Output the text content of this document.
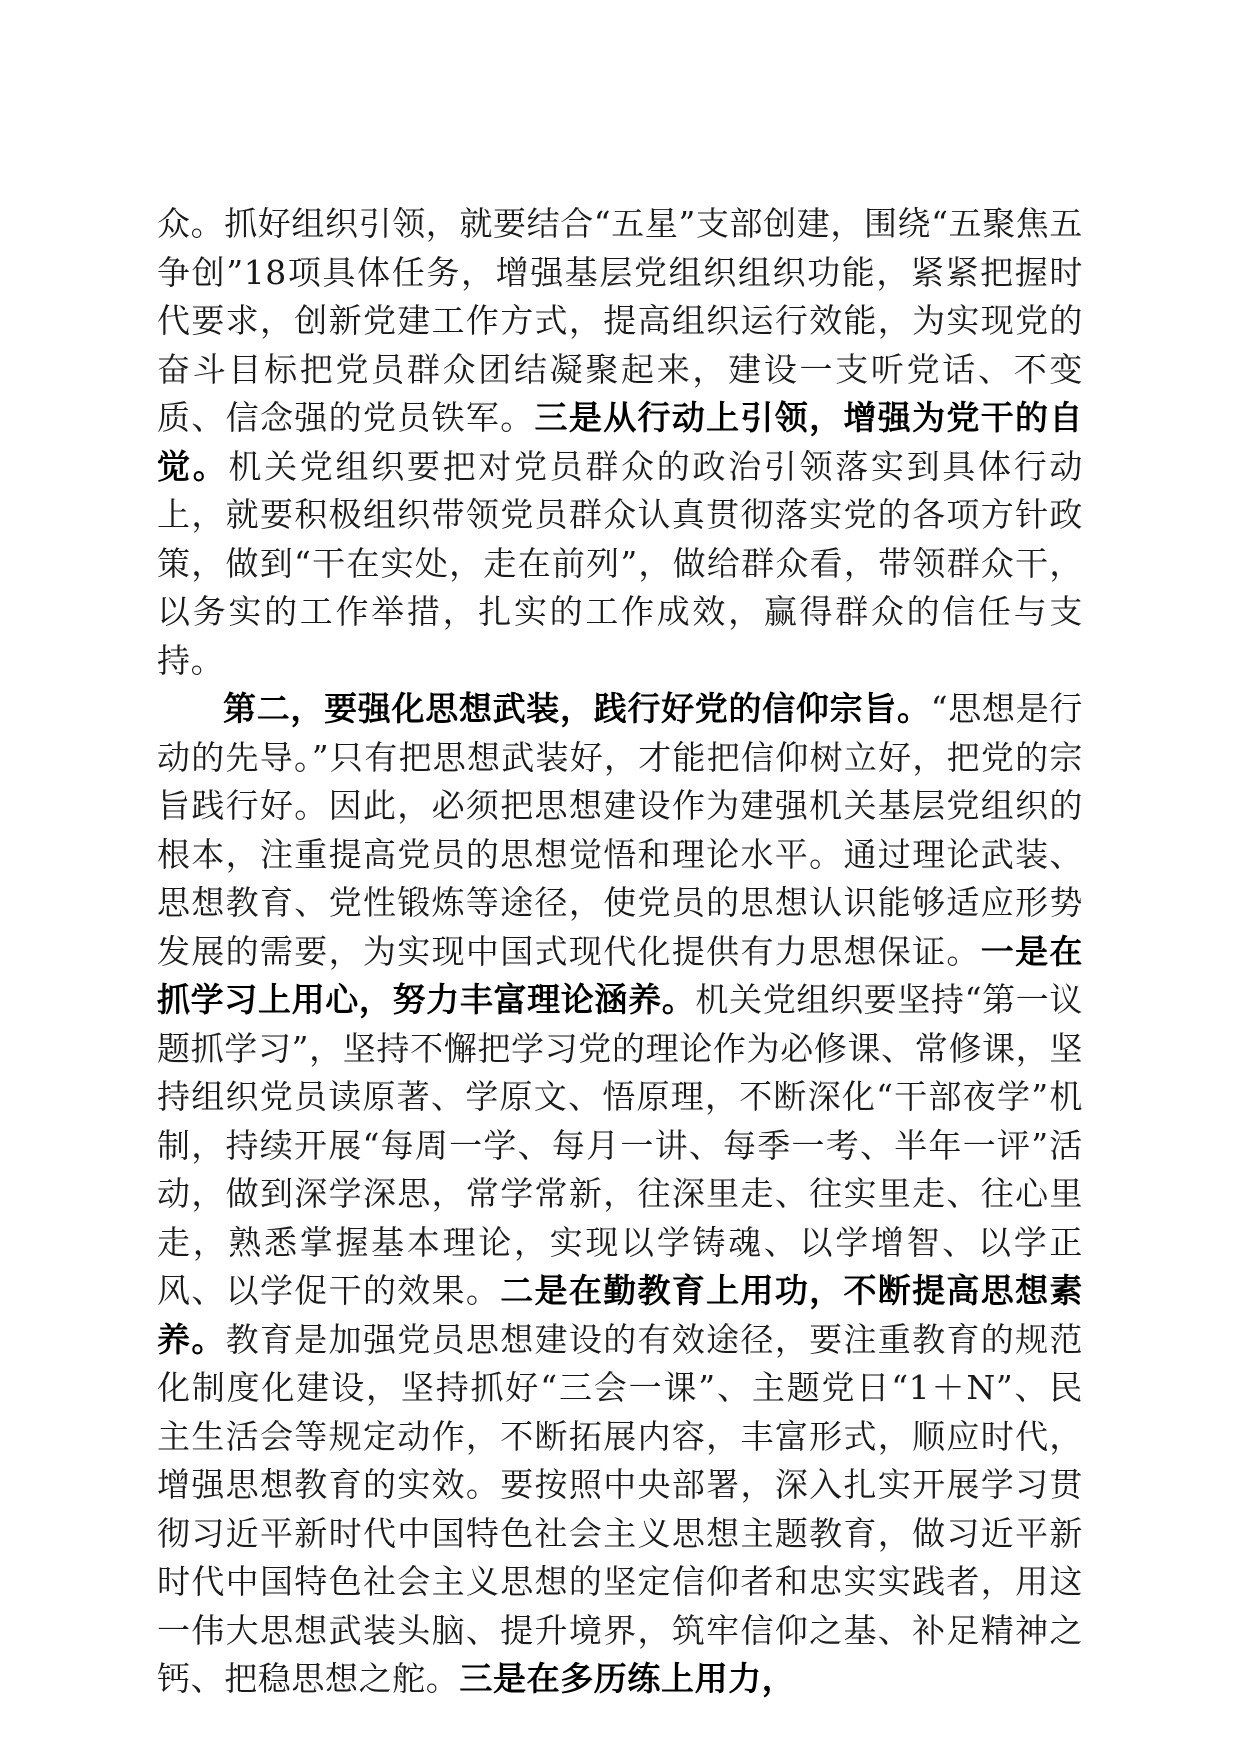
众。抓好组织引领，就要结合“五星”支部创建，围绕“五聚焦五争创”18项具体任务，增强基层党组织组织功能，紧紧把握时代要求，创新党建工作方式，提高组织运行效能，为实现党的奋斗目标把党员群众团结凝聚起来，建设一支听党话、不变质、信念强的党员铁军。三是从行动上引领，增强为党干的自觉。机关党组织要把对党员群众的政治引领落实到具体行动上，就要积极组织带领党员群众认真贯彻落实党的各项方针政策，做到“干在实处，走在前列”，做给群众看，带领群众干，以务实的工作举措，扎实的工作成效，赢得群众的信任与支持。

第二，要强化思想武装，践行好党的信仰宗旨。“思想是行动的先导。”只有把思想武装好，才能把信仰树立好，把党的宗旨践行好。因此，必须把思想建设作为建强机关基层党组织的根本，注重提高党员的思想觉悟和理论水平。通过理论武装、思想教育、党性锻炼等途径，使党员的思想认识能够适应形势发展的需要，为实现中国式现代化提供有力思想保证。一是在抓学习上用心，努力丰富理论涵养。机关党组织要坚持“第一议题抓学习”，坚持不懈把学习党的理论作为必修课、常修课，坚持组织党员读原著、学原文、悟原理，不断深化“干部夜学”机制，持续开展“每周一学、每月一讲、每季一考、半年一评”活动，做到深学深思，常学常新，往深里走、往实里走、往心里走，熟悉掌握基本理论，实现以学铸魂、以学增智、以学正风、以学促干的效果。二是在勤教育上用功，不断提高思想素养。教育是加强党员思想建设的有效途径，要注重教育的规范化制度化建设，坚持抓好“三会一课”、主题党日“1＋N”、民主生活会等规定动作，不断拓展内容，丰富形式，顺应时代，增强思想教育的实效。要按照中央部署，深入扎实开展学习贯彻习近平新时代中国特色社会主义思想主题教育，做习近平新时代中国特色社会主义思想的坚定信仰者和忠实实践者，用这一伟大思想武装头脑、提升境界，筑牢信仰之基、补足精神之钙、把稳思想之舵。三是在多历练上用力，
